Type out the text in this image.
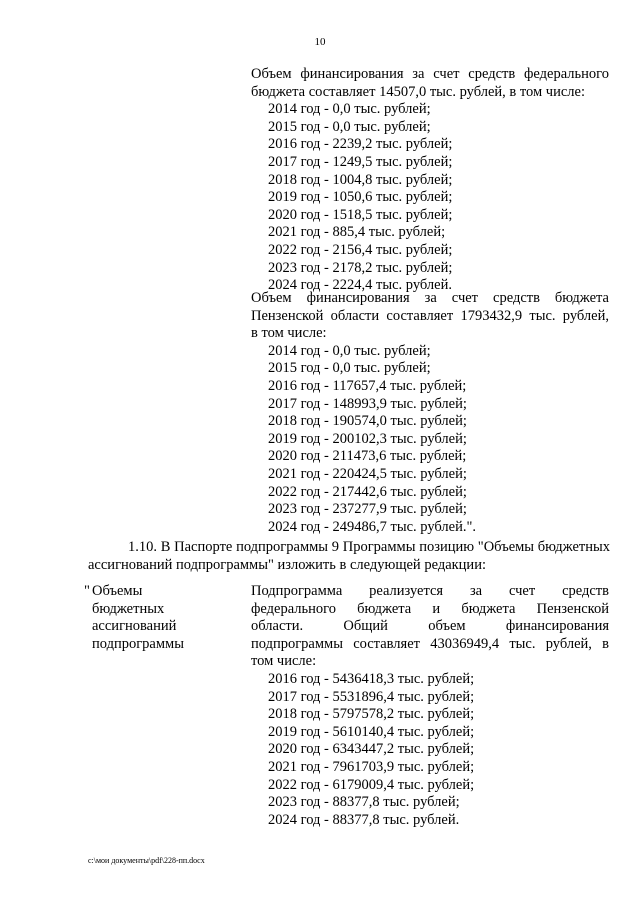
10
Объем финансирования за счет средств федерального
бюджета составляет 14507,0 тыс. рублей, в том числе:
2014 год - 0,0 тыс. рублей;
2015 год - 0,0 тыс. рублей;
2016 год - 2239,2 тыс. рублей;
2017 год - 1249,5 тыс. рублей;
2018 год - 1004,8 тыс. рублей;
2019 год - 1050,6 тыс. рублей;
2020 год - 1518,5 тыс. рублей;
2021 год - 885,4 тыс. рублей;
2022 год - 2156,4 тыс. рублей;
2023 год - 2178,2 тыс. рублей;
2024 год - 2224,4 тыс. рублей.
Объем финансирования за счет средств бюджета
Пензенской области составляет 1793432,9 тыс. рублей,
в том числе:
2014 год - 0,0 тыс. рублей;
2015 год - 0,0 тыс. рублей;
2016 год - 117657,4 тыс. рублей;
2017 год - 148993,9 тыс. рублей;
2018 год - 190574,0 тыс. рублей;
2019 год - 200102,3 тыс. рублей;
2020 год - 211473,6 тыс. рублей;
2021 год - 220424,5 тыс. рублей;
2022 год - 217442,6 тыс. рублей;
2023 год - 237277,9 тыс. рублей;
2024 год - 249486,7 тыс. рублей.".
1.10. В Паспорте подпрограммы 9 Программы позицию "Объемы бюджетных ассигнований подпрограммы" изложить в следующей редакции:
" Объемы
бюджетных
ассигнований
подпрограммы
Подпрограмма реализуется за счет средств
федерального бюджета и бюджета Пензенской
области. Общий объем финансирования
подпрограммы составляет 43036949,4 тыс. рублей, в
том числе:
2016 год - 5436418,3 тыс. рублей;
2017 год - 5531896,4 тыс. рублей;
2018 год - 5797578,2 тыс. рублей;
2019 год - 5610140,4 тыс. рублей;
2020 год - 6343447,2 тыс. рублей;
2021 год - 7961703,9 тыс. рублей;
2022 год - 6179009,4 тыс. рублей;
2023 год - 88377,8 тыс. рублей;
2024 год - 88377,8 тыс. рублей.
c:\мои документы\pdf\228-пп.docx
